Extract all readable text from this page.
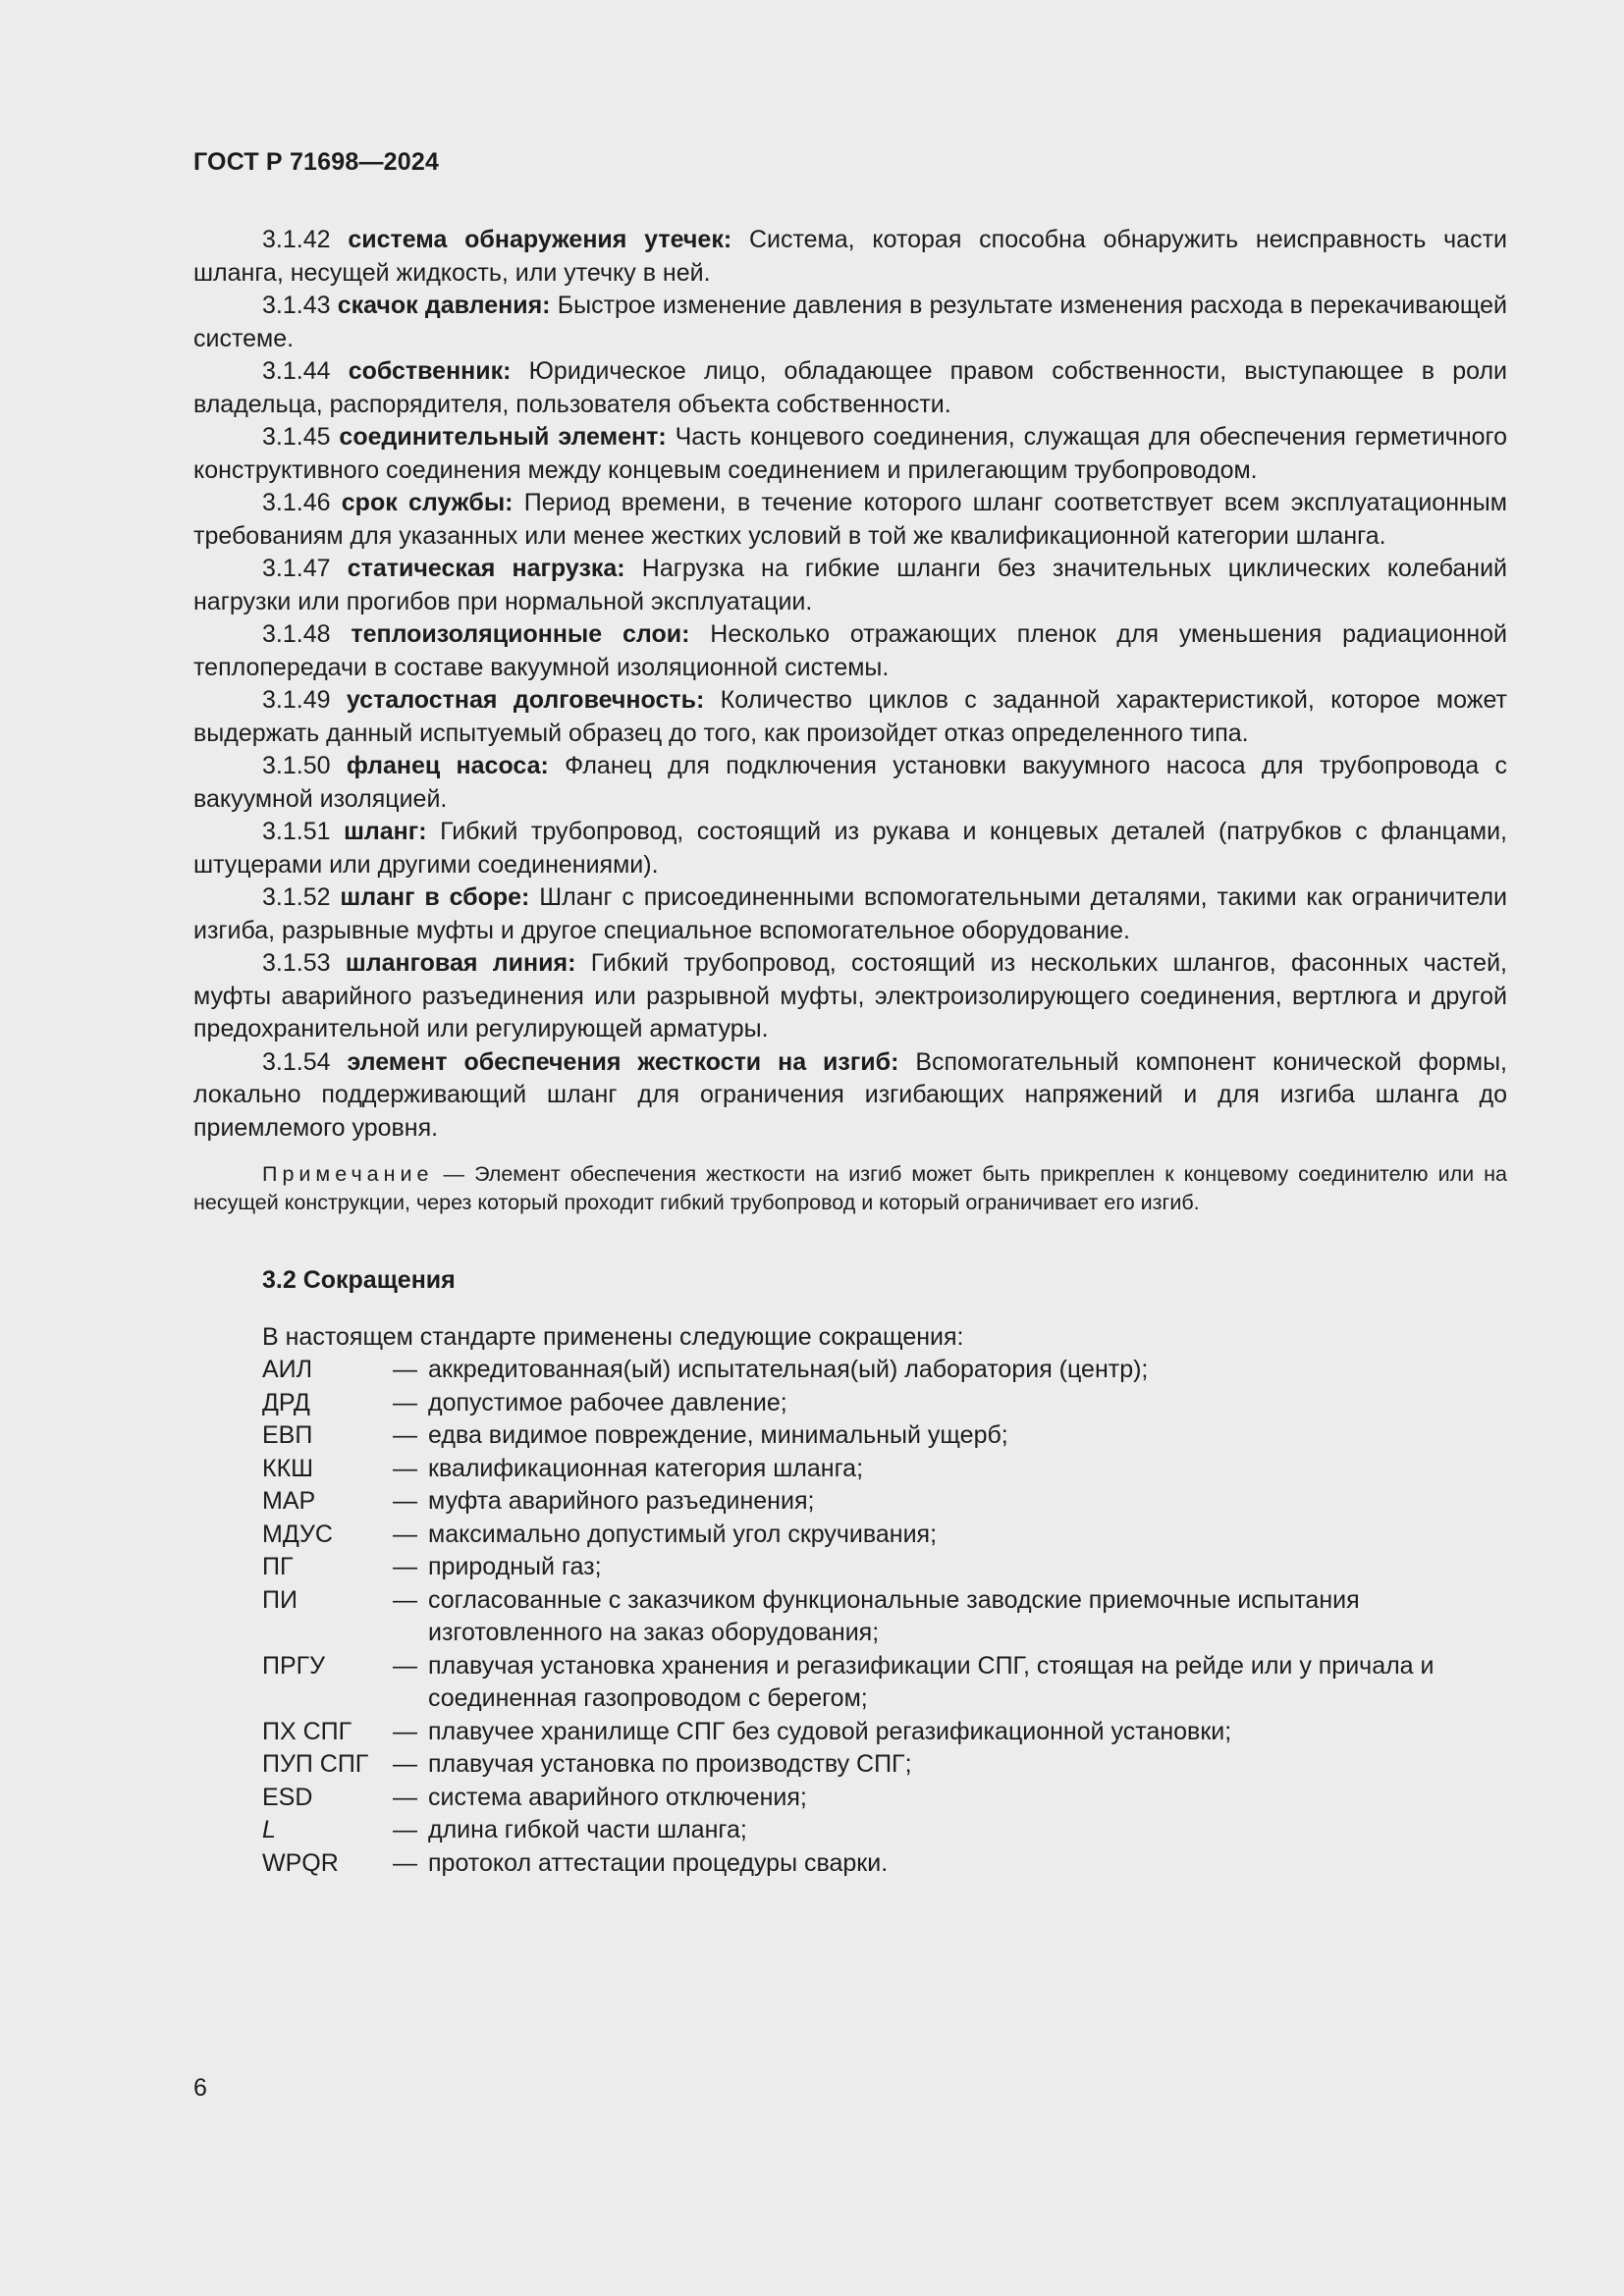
ГОСТ Р 71698—2024

3.1.42 система обнаружения утечек: Система, которая способна обнаружить неисправность части шланга, несущей жидкость, или утечку в ней.

3.1.43 скачок давления: Быстрое изменение давления в результате изменения расхода в перекачивающей системе.

3.1.44 собственник: Юридическое лицо, обладающее правом собственности, выступающее в роли владельца, распорядителя, пользователя объекта собственности.

3.1.45 соединительный элемент: Часть концевого соединения, служащая для обеспечения герметичного конструктивного соединения между концевым соединением и прилегающим трубопроводом.

3.1.46 срок службы: Период времени, в течение которого шланг соответствует всем эксплуатационным требованиям для указанных или менее жестких условий в той же квалификационной категории шланга.

3.1.47 статическая нагрузка: Нагрузка на гибкие шланги без значительных циклических колебаний нагрузки или прогибов при нормальной эксплуатации.

3.1.48 теплоизоляционные слои: Несколько отражающих пленок для уменьшения радиационной теплопередачи в составе вакуумной изоляционной системы.

3.1.49 усталостная долговечность: Количество циклов с заданной характеристикой, которое может выдержать данный испытуемый образец до того, как произойдет отказ определенного типа.

3.1.50 фланец насоса: Фланец для подключения установки вакуумного насоса для трубопровода с вакуумной изоляцией.

3.1.51 шланг: Гибкий трубопровод, состоящий из рукава и концевых деталей (патрубков с фланцами, штуцерами или другими соединениями).

3.1.52 шланг в сборе: Шланг с присоединенными вспомогательными деталями, такими как ограничители изгиба, разрывные муфты и другое специальное вспомогательное оборудование.

3.1.53 шланговая линия: Гибкий трубопровод, состоящий из нескольких шлангов, фасонных частей, муфты аварийного разъединения или разрывной муфты, электроизолирующего соединения, вертлюга и другой предохранительной или регулирующей арматуры.

3.1.54 элемент обеспечения жесткости на изгиб: Вспомогательный компонент конической формы, локально поддерживающий шланг для ограничения изгибающих напряжений и для изгиба шланга до приемлемого уровня.

Примечание — Элемент обеспечения жесткости на изгиб может быть прикреплен к концевому соединителю или на несущей конструкции, через который проходит гибкий трубопровод и который ограничивает его изгиб.

3.2 Сокращения
В настоящем стандарте применены следующие сокращения:
АИЛ	— аккредитованная(ый) испытательная(ый) лаборатория (центр);
ДРД	— допустимое рабочее давление;
ЕВП	— едва видимое повреждение, минимальный ущерб;
ККШ	— квалификационная категория шланга;
МАР	— муфта аварийного разъединения;
МДУС	— максимально допустимый угол скручивания;
ПГ	— природный газ;
ПИ	— согласованные с заказчиком функциональные заводские приемочные испытания изготовленного на заказ оборудования;
ПРГУ	— плавучая установка хранения и регазификации СПГ, стоящая на рейде или у причала и соединенная газопроводом с берегом;
ПХ СПГ	— плавучее хранилище СПГ без судовой регазификационной установки;
ПУП СПГ — плавучая установка по производству СПГ;
ESD	— система аварийного отключения;
L	— длина гибкой части шланга;
WPQR	— протокол аттестации процедуры сварки.
6
